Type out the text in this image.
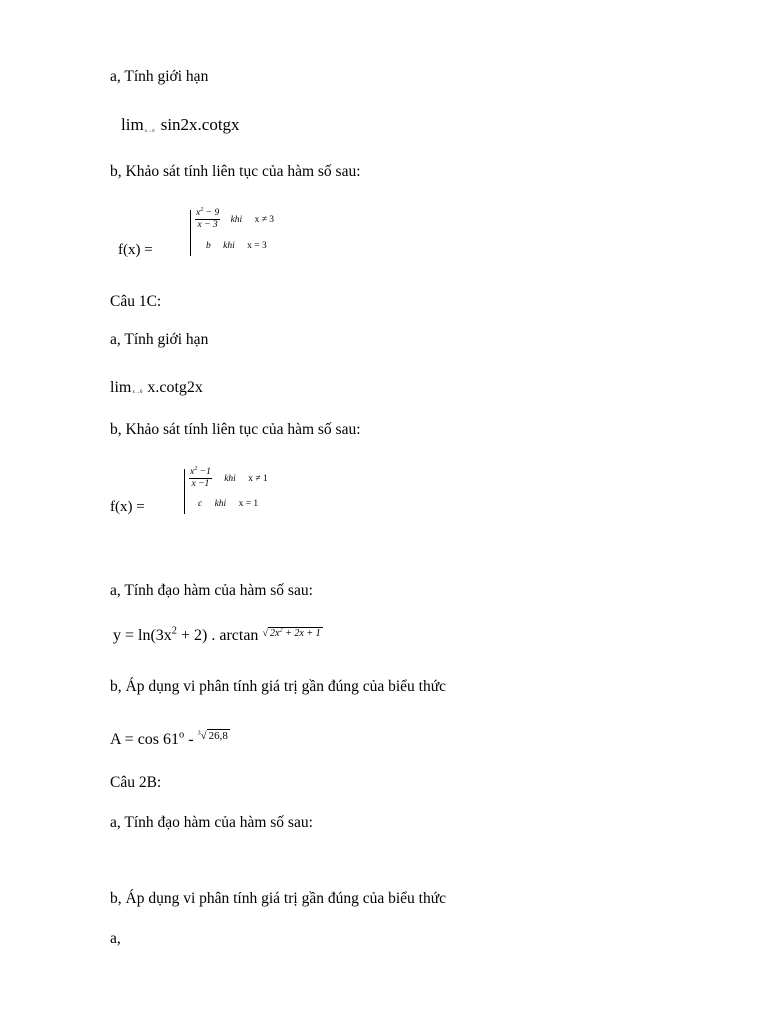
a, Tính giới hạn
limx→π sin2x.cotgx
b, Khảo sát tính liên tục của hàm số sau:
f(x) =
$\frac{x^2 - 9}{x - 3}$ khi x ≠ 3
b khi x = 3
Câu 1C:
a, Tính giới hạn
limx→0 x.cotg2x
b, Khảo sát tính liên tục của hàm số sau:
f(x) =
$\frac{x^2 -1}{x -1}$ khi x ≠ 1
c khi x = 1
a, Tính đạo hàm của hàm số sau:
$y = \ln(3x^2 + 2)$ . arctan $^{√ 2x^2 + 2x + 1}$
b, Áp dụng vi phân tính giá trị gần đúng của biểu thức
A = cos 61$^o$ - $^{^3√ 26,8}$
Câu 2B:
a, Tính đạo hàm của hàm số sau:
b, Áp dụng vi phân tính giá trị gần đúng của biểu thức
a,
